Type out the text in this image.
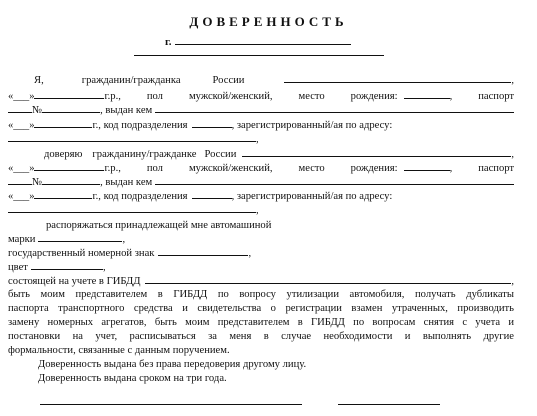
ДОВЕРЕННОСТЬ
г.
Я,	гражданин/гражданка	России	,
«___»	г.р., пол мужской/женский, место рождения:	, паспорт
№	, выдан кем
«___»	г., код подразделения	, зарегистрированный/ая по адресу:
,
доверяю гражданину/гражданке России	,
«___»	г.р., пол мужской/женский, место рождения:	, паспорт
№	, выдан кем
«___»	г., код подразделения	, зарегистрированный/ая по адресу:
,
распоряжаться принадлежащей мне автомашиной
марки	,
государственный номерной знак	,
цвет	,
состоящей на учете в ГИБДД	,
быть моим представителем в ГИБДД по вопросу утилизации автомобиля, получать дубликаты
паспорта транспортного средства и свидетельства о регистрации взамен утраченных, производить
замену номерных агрегатов, быть моим представителем в ГИБДД по вопросам снятия с учета и
постановки на учет, расписываться за меня в случае необходимости и выполнять другие
формальности, связанные с данным поручением.
Доверенность выдана без права передоверия другому лицу.
Доверенность выдана сроком на три года.
